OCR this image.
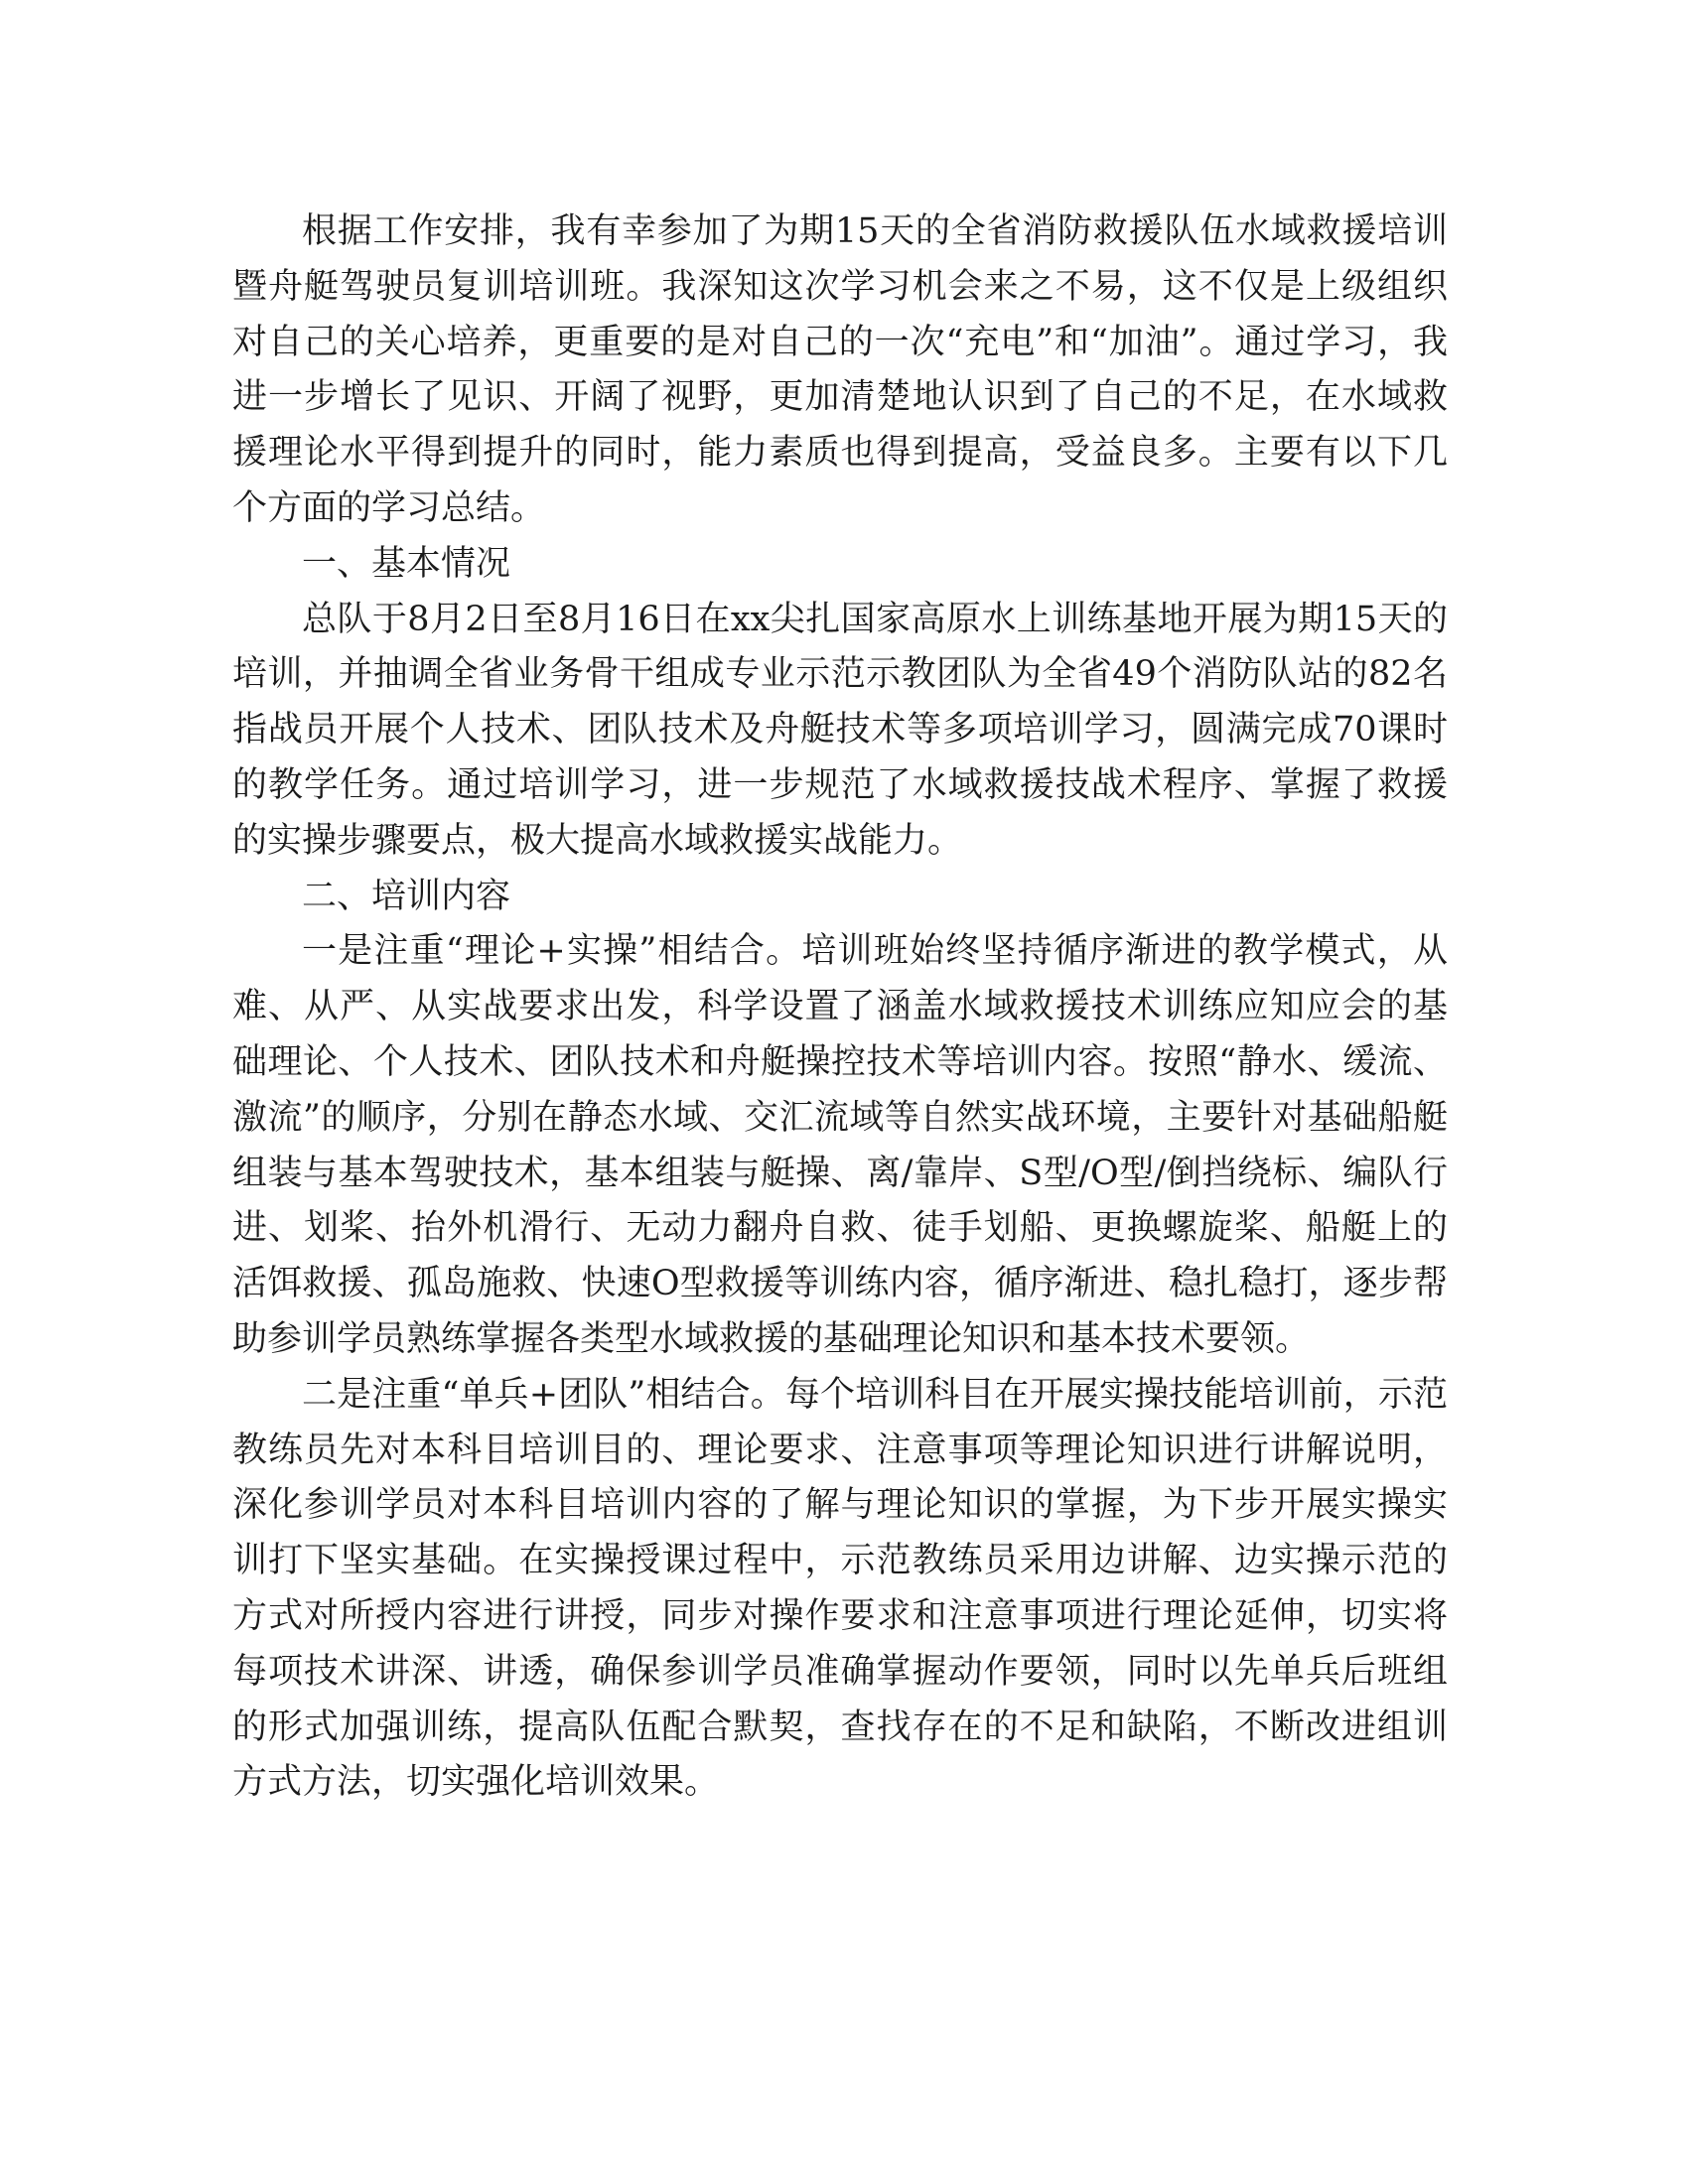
根据工作安排，我有幸参加了为期15天的全省消防救援队伍水域救援培训暨舟艇驾驶员复训培训班。我深知这次学习机会来之不易，这不仅是上级组织对自己的关心培养，更重要的是对自己的一次“充电”和“加油”。通过学习，我进一步增长了见识、开阔了视野，更加清楚地认识到了自己的不足，在水域救援理论水平得到提升的同时，能力素质也得到提高，受益良多。主要有以下几个方面的学习总结。

一、基本情况

总队于8月2日至8月16日在xx尖扎国家高原水上训练基地开展为期15天的培训，并抽调全省业务骨干组成专业示范示教团队为全省49个消防队站的82名指战员开展个人技术、团队技术及舟艇技术等多项培训学习，圆满完成70课时的教学任务。通过培训学习，进一步规范了水域救援技战术程序、掌握了救援的实操步骤要点，极大提高水域救援实战能力。

二、培训内容

一是注重“理论+实操”相结合。培训班始终坚持循序渐进的教学模式，从难、从严、从实战要求出发，科学设置了涵盖水域救援技术训练应知应会的基础理论、个人技术、团队技术和舟艇操控技术等培训内容。按照“静水、缓流、激流”的顺序，分别在静态水域、交汇流域等自然实战环境，主要针对基础船艇组装与基本驾驶技术，基本组装与艇操、离/靠岸、S型/O型/倒挡绕标、编队行进、划桨、抬外机滑行、无动力翻舟自救、徒手划船、更换螺旋桨、船艇上的活饵救援、孤岛施救、快速O型救援等训练内容，循序渐进、稳扎稳打，逐步帮助参训学员熟练掌握各类型水域救援的基础理论知识和基本技术要领。

二是注重“单兵+团队”相结合。每个培训科目在开展实操技能培训前，示范教练员先对本科目培训目的、理论要求、注意事项等理论知识进行讲解说明，深化参训学员对本科目培训内容的了解与理论知识的掌握，为下步开展实操实训打下坚实基础。在实操授课过程中，示范教练员采用边讲解、边实操示范的方式对所授内容进行讲授，同步对操作要求和注意事项进行理论延伸，切实将每项技术讲深、讲透，确保参训学员准确掌握动作要领，同时以先单兵后班组的形式加强训练，提高队伍配合默契，查找存在的不足和缺陷，不断改进组训方式方法，切实强化培训效果。
